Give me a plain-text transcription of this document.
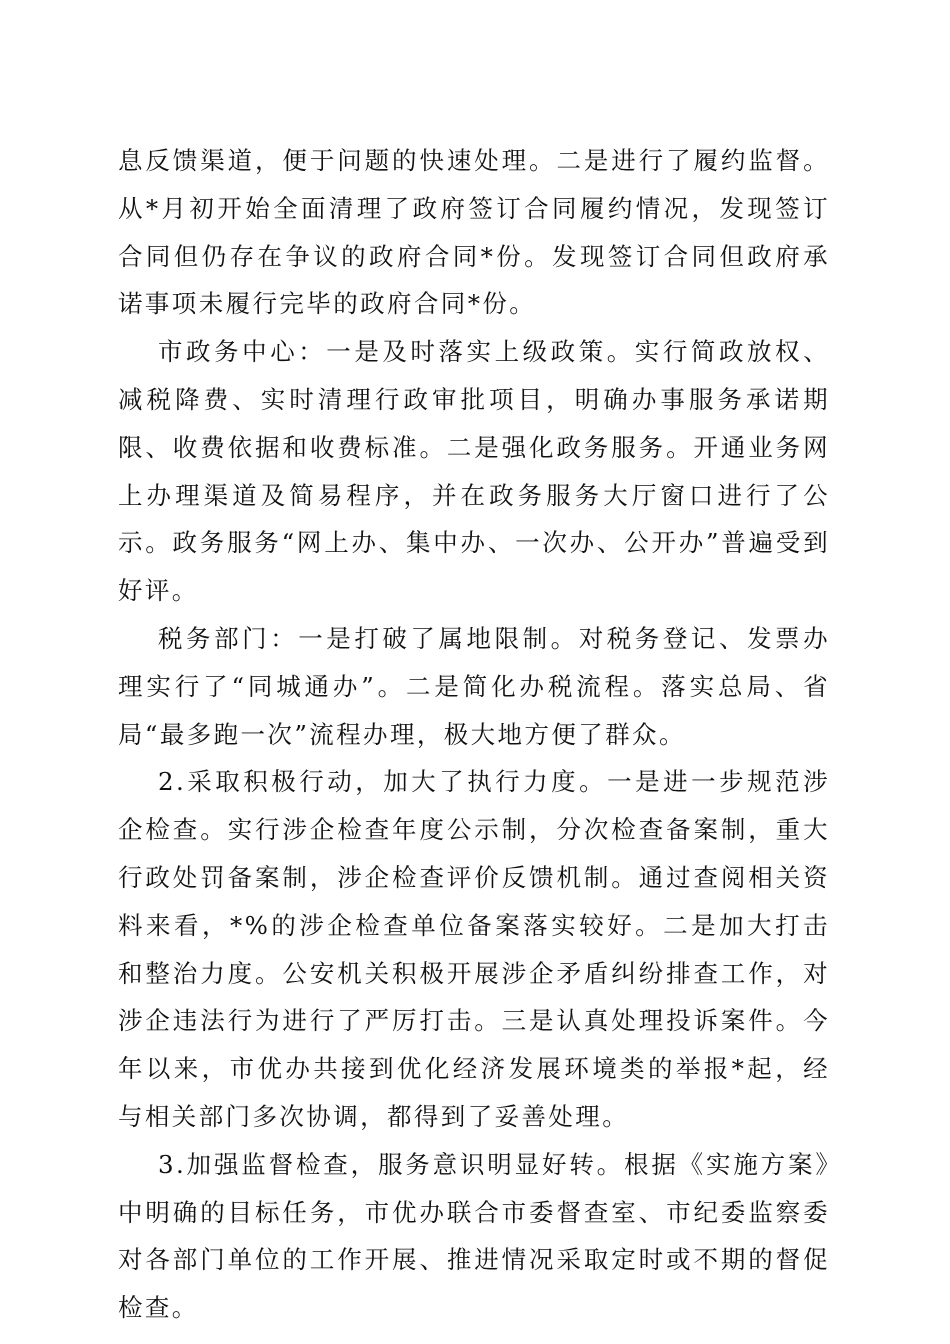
息反馈渠道，便于问题的快速处理。二是进行了履约监督。从*月初开始全面清理了政府签订合同履约情况，发现签订合同但仍存在争议的政府合同*份。发现签订合同但政府承诺事项未履行完毕的政府合同*份。

市政务中心：一是及时落实上级政策。实行简政放权、减税降费、实时清理行政审批项目，明确办事服务承诺期限、收费依据和收费标准。二是强化政务服务。开通业务网上办理渠道及简易程序，并在政务服务大厅窗口进行了公示。政务服务“网上办、集中办、一次办、公开办”普遍受到好评。

税务部门：一是打破了属地限制。对税务登记、发票办理实行了“同城通办”。二是简化办税流程。落实总局、省局“最多跑一次”流程办理，极大地方便了群众。

2.采取积极行动，加大了执行力度。一是进一步规范涉企检查。实行涉企检查年度公示制，分次检查备案制，重大行政处罚备案制，涉企检查评价反馈机制。通过查阅相关资料来看，*%的涉企检查单位备案落实较好。二是加大打击和整治力度。公安机关积极开展涉企矛盾纠纷排查工作，对涉企违法行为进行了严厉打击。三是认真处理投诉案件。今年以来，市优办共接到优化经济发展环境类的举报*起，经与相关部门多次协调，都得到了妥善处理。

3.加强监督检查，服务意识明显好转。根据《实施方案》中明确的目标任务，市优办联合市委督查室、市纪委监察委对各部门单位的工作开展、推进情况采取定时或不期的督促检查。
